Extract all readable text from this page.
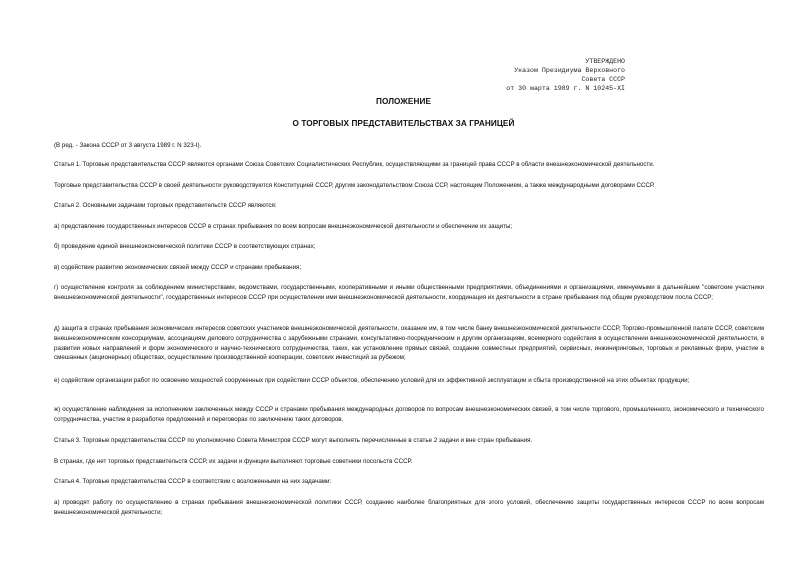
УТВЕРЖДЕНО
Указом Президиума Верховного
Совета СССР
от 30 марта 1989 г. N 10245-XI
ПОЛОЖЕНИЕ
О ТОРГОВЫХ ПРЕДСТАВИТЕЛЬСТВАХ ЗА ГРАНИЦЕЙ
(В ред. - Закона СССР от 3 августа 1989 г. N 323-I).
Статья 1. Торговые представительства СССР являются органами Союза Советских Социалистических Республик, осуществляющими за границей права СССР в области внешнеэкономической деятельности.
Торговые представительства СССР в своей деятельности руководствуются Конституцией СССР, другим законодательством Союза ССР, настоящим Положением, а также международными договорами СССР.
Статья 2. Основными задачами торговых представительств СССР являются:
а) представление государственных интересов СССР в странах пребывания по всем вопросам внешнеэкономической деятельности и обеспечение их защиты;
б) проведение единой внешнеэкономической политики СССР в соответствующих странах;
в) содействие развитию экономических связей между СССР и странами пребывания;
г) осуществление контроля за соблюдением министерствами, ведомствами, государственными, кооперативными и иными общественными предприятиями, объединениями и организациями, именуемыми в дальнейшем "советские участники внешнеэкономической деятельности", государственных интересов СССР при осуществлении ими внешнеэкономической деятельности, координация их деятельности в стране пребывания под общим руководством посла СССР;
д) защита в странах пребывания экономических интересов советских участников внешнеэкономической деятельности, оказание им, в том числе банку внешнеэкономической деятельности СССР, Торгово-промышленной палате СССР, советским внешнеэкономическим консорциумам, ассоциациям делового сотрудничества с зарубежными странами, консультативно-посредническим и другим организациям, всемерного содействия в осуществлении внешнеэкономической деятельности, в развитии новых направлений и форм экономического и научно-технического сотрудничества, таких, как установление прямых связей, создание совместных предприятий, сервисных, инжиниринговых, торговых и рекламных фирм, участие в смешанных (акционерных) обществах, осуществление производственной кооперации, советских инвестиций за рубежом;
е) содействие организации работ по освоению мощностей сооруженных при содействии СССР объектов, обеспечению условий для их эффективной эксплуатации и сбыта производственной на этих объектах продукции;
ж) осуществление наблюдения за исполнением заключенных между СССР и странами пребывания международных договоров по вопросам внешнеэкономических связей, в том числе торгового, промышленного, экономического и технического сотрудничества, участие в разработке предложений и переговорах по заключению таких договоров.
Статья 3. Торговые представительства СССР по уполномочию Совета Министров СССР могут выполнять перечисленные в статье 2 задачи и вне стран пребывания.
В странах, где нет торговых представительств СССР, их задачи и функции выполняют торговые советники посольств СССР.
Статья 4. Торговые представительства СССР в соответствии с возложенными на них задачами:
а) проводят работу по осуществлению в странах пребывания внешнеэкономической политики СССР, созданию наиболее благоприятных для этого условий, обеспечению защиты государственных интересов СССР по всем вопросам внешнеэкономической деятельности;
